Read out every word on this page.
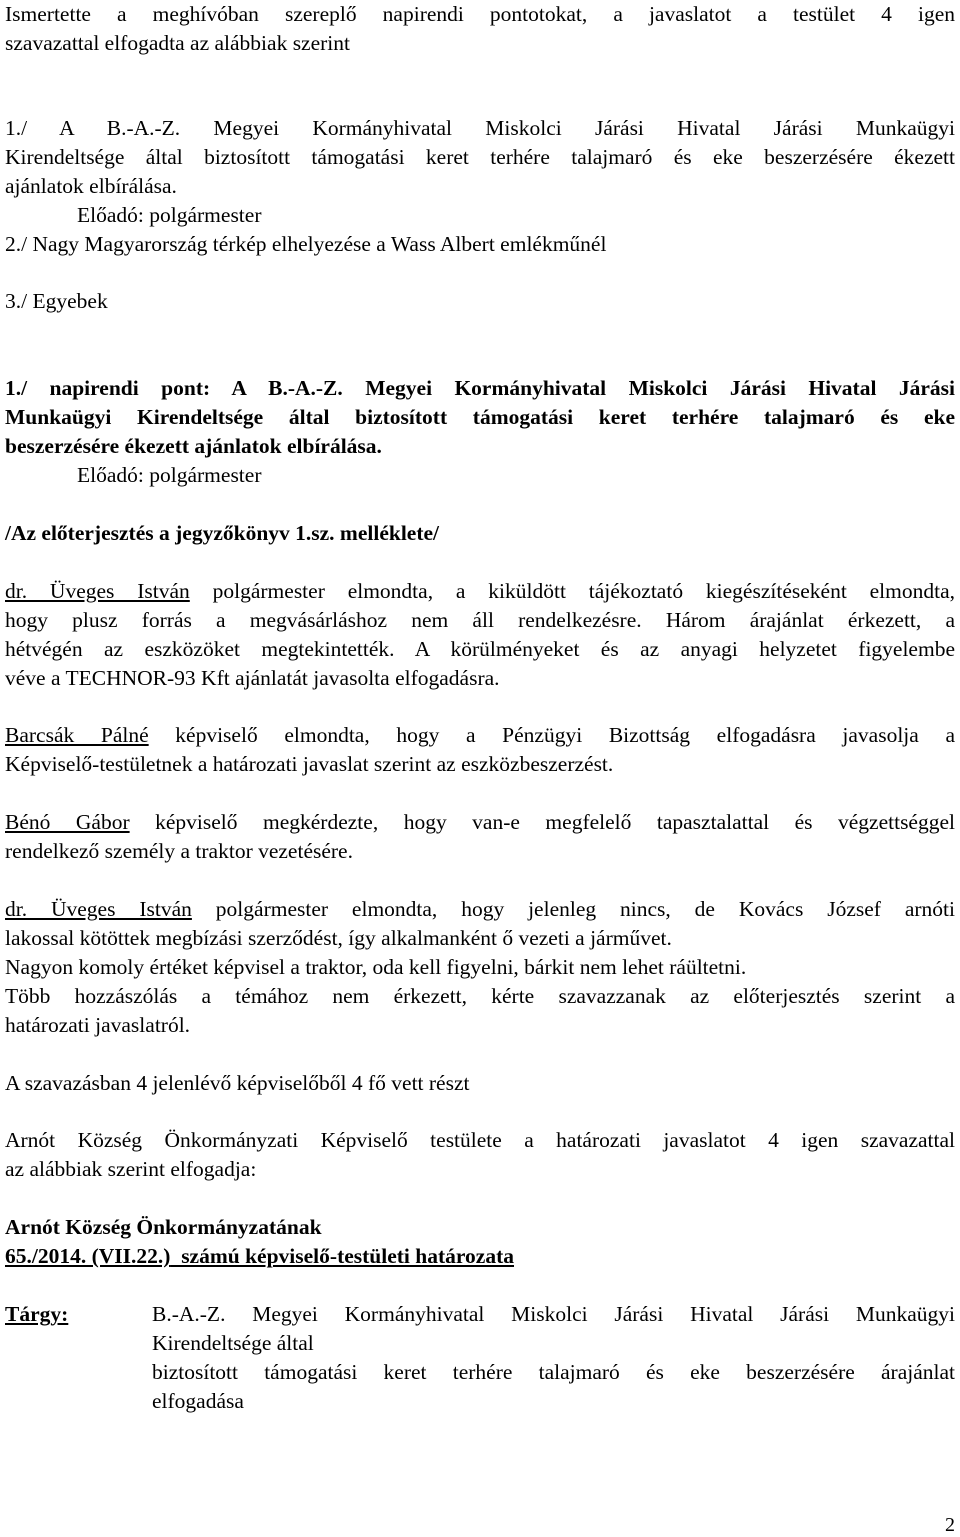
Ismertette a meghívóban szereplő napirendi pontotokat, a javaslatot a testület 4 igen
szavazattal elfogadta az alábbiak szerint
1./ A B.-A.-Z. Megyei Kormányhivatal Miskolci Járási Hivatal Járási Munkaügyi
Kirendeltsége által biztosított támogatási keret terhére talajmaró és eke beszerzésére ékezett
ajánlatok elbírálása.
Előadó: polgármester
2./ Nagy Magyarország térkép elhelyezése a Wass Albert emlékműnél
3./ Egyebek
1./ napirendi pont: A B.-A.-Z. Megyei Kormányhivatal Miskolci Járási Hivatal Járási
Munkaügyi Kirendeltsége által biztosított támogatási keret terhére talajmaró és eke
beszerzésére ékezett ajánlatok elbírálása.
Előadó: polgármester
/Az előterjesztés a jegyzőkönyv 1.sz. melléklete/
dr. Üveges István polgármester elmondta, a kiküldött tájékoztató kiegészítéseként elmondta,
hogy plusz forrás a megvásárláshoz nem áll rendelkezésre. Három árajánlat érkezett, a
hétvégén az eszközöket megtekintették. A körülményeket és az anyagi helyzetet figyelembe
véve a TECHNOR-93 Kft ajánlatát javasolta elfogadásra.
Barcsák Pálné képviselő elmondta, hogy a Pénzügyi Bizottság elfogadásra javasolja a
Képviselő-testületnek a határozati javaslat szerint az eszközbeszerzést.
Bénó Gábor képviselő megkérdezte, hogy van-e megfelelő tapasztalattal és végzettséggel
rendelkező személy a traktor vezetésére.
dr. Üveges István polgármester elmondta, hogy jelenleg nincs, de Kovács József arnóti
lakossal kötöttek megbízási szerződést, így alkalmanként ő vezeti a járművet.
Nagyon komoly értéket képvisel a traktor, oda kell figyelni, bárkit nem lehet ráültetni.
Több hozzászólás a témához nem érkezett, kérte szavazzanak az előterjesztés szerint a
határozati javaslatról.
A szavazásban 4 jelenlévő képviselőből 4 fő vett részt
Arnót Község Önkormányzati Képviselő testülete a határozati javaslatot 4 igen szavazattal
az alábbiak szerint elfogadja:
Arnót Község Önkormányzatának
65./2014. (VII.22.)  számú képviselő-testületi határozata
Tárgy:	B.-A.-Z. Megyei Kormányhivatal Miskolci Járási Hivatal Járási Munkaügyi
Kirendeltsége által
biztosított támogatási keret terhére talajmaró és eke beszerzésére árajánlat
elfogadása
2
